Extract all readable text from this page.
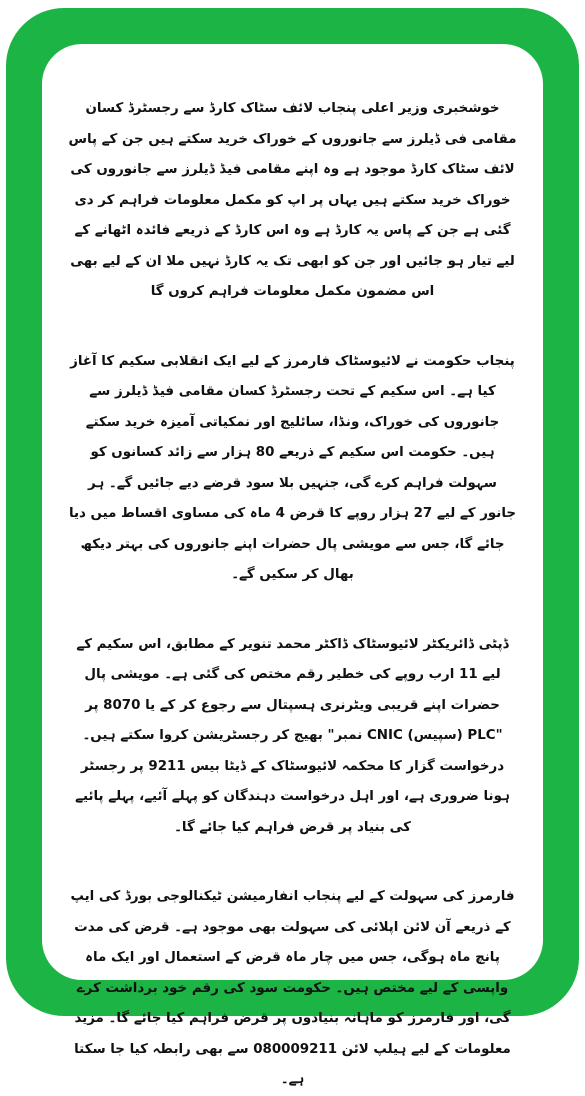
خوشخبری وزیر اعلی پنجاب لائف سٹاک کارڈ سے رجسٹرڈ کسان مقامی فی ڈیلرز سے جانوروں کے خوراک خرید سکتے ہیں جن کے پاس لائف سٹاک کارڈ موجود ہے وہ اپنے مقامی فیڈ ڈیلرز سے جانوروں کی خوراک خرید سکتے ہیں یہاں پر اپ کو مکمل معلومات فراہم کر دی گئی ہے جن کے پاس یہ کارڈ ہے وہ اس کارڈ کے ذریعے فائدہ اٹھانے کے لیے تیار ہو جائیں اور جن کو ابھی تک یہ کارڈ نہیں ملا ان کے لیے بھی اس مضمون مکمل معلومات فراہم کروں گا

پنجاب حکومت نے لائیوسٹاک فارمرز کے لیے ایک انقلابی سکیم کا آغاز کیا ہے۔ اس سکیم کے تحت رجسٹرڈ کسان مقامی فیڈ ڈیلرز سے جانوروں کی خوراک، ونڈا، سائلیج اور نمکیاتی آمیزہ خرید سکتے ہیں۔ حکومت اس سکیم کے ذریعے 80 ہزار سے زائد کسانوں کو سہولت فراہم کرے گی، جنہیں بلا سود قرضے دیے جائیں گے۔ ہر جانور کے لیے 27 ہزار روپے کا قرض 4 ماہ کی مساوی اقساط میں دیا جائے گا، جس سے مویشی پال حضرات اپنے جانوروں کی بہتر دیکھ بھال کر سکیں گے۔

ڈپٹی ڈائریکٹر لائیوسٹاک ڈاکٹر محمد تنویر کے مطابق، اس سکیم کے لیے 11 ارب روپے کی خطیر رقم مختص کی گئی ہے۔ مویشی پال حضرات اپنے قریبی ویٹرنری ہسپتال سے رجوع کر کے یا 8070 پر "PLC (سپیس) CNIC نمبر" بھیج کر رجسٹریشن کروا سکتے ہیں۔ درخواست گزار کا محکمہ لائیوسٹاک کے ڈیٹا بیس 9211 پر رجسٹر ہونا ضروری ہے، اور اہل درخواست دہندگان کو پہلے آئیے، پہلے پائیے کی بنیاد پر قرض فراہم کیا جائے گا۔

فارمرز کی سہولت کے لیے پنجاب انفارمیشن ٹیکنالوجی بورڈ کی ایپ کے ذریعے آن لائن اپلائی کی سہولت بھی موجود ہے۔ قرض کی مدت پانچ ماہ ہوگی، جس میں چار ماہ قرض کے استعمال اور ایک ماہ واپسی کے لیے مختص ہیں۔ حکومت سود کی رقم خود برداشت کرے گی، اور فارمرز کو ماہانہ بنیادوں پر قرض فراہم کیا جائے گا۔ مزید معلومات کے لیے ہیلپ لائن 080009211 سے بھی رابطہ کیا جا سکتا ہے۔
